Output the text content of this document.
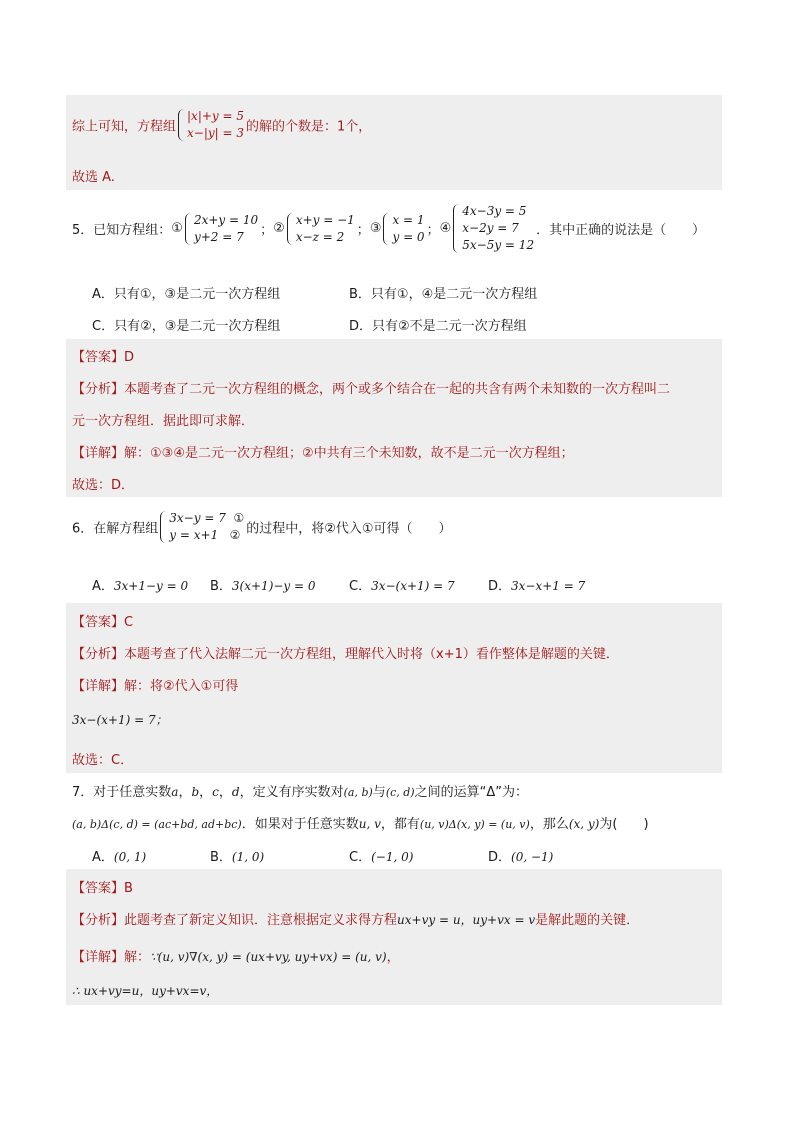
综上可知，方程组
|x|+y = 5
x−|y| = 3 的解的个数是：1个，
故选 A.
5．已知方程组：①
2x+y = 10
y+2 = 7	；②
x+y = −1
x−z = 2 ；③
x = 1
y = 0 ；④
4x−3y = 5
x−2y = 7
5x−5y = 12
．其中正确的说法是（　　）
A．只有①，③是二元一次方程组	B．只有①，④是二元一次方程组
C．只有②，③是二元一次方程组	D．只有②不是二元一次方程组
【答案】D
【分析】本题考查了二元一次方程组的概念，两个或多个结合在一起的共含有两个未知数的一次方程叫二
元一次方程组．据此即可求解．
【详解】解：①③④是二元一次方程组；②中共有三个未知数，故不是二元一次方程组；
故选：D．
6．在解方程组
3x−y = 7 ①
y = x+1 ② 的过程中，将②代入①可得（　　）
A．3x+1−y = 0 B．3(x+1)−y = 0	C．3x−(x+1) = 7	D．3x−x+1 = 7
【答案】C
【分析】本题考查了代入法解二元一次方程组，理解代入时将（x+1）看作整体是解题的关键．
【详解】解：将②代入①可得
3x−(x+1) = 7；
故选：C．
7．对于任意实数a，b，c，d，定义有序实数对(a, b)与(c, d)之间的运算“Δ”为：
(a, b)Δ(c, d) = (ac+bd, ad+bc)．如果对于任意实数u, v，都有(u, v)Δ(x, y) = (u, v)，那么(x, y)为(　　)
A．(0, 1)	B．(1, 0)	C．(−1, 0)	D．(0, −1)
【答案】B
【分析】此题考查了新定义知识．注意根据定义求得方程ux+vy = u，uy+vx = v是解此题的关键．
【详解】解：∵(u, v)∇(x, y) = (ux+vy, uy+vx) = (u, v)，
∴ ux+vy=u，uy+vx=v，
